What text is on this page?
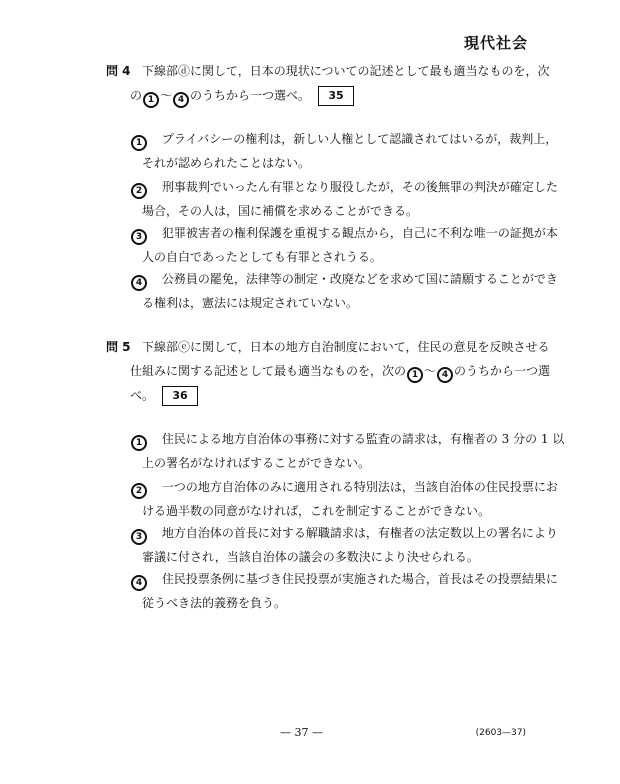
現代社会
問 4 下線部ⓓに関して，日本の現状についての記述として最も適当なものを，次
の 1 ～ 4 のうちから一つ選べ。 35
1 プライバシーの権利は，新しい人権として認識されてはいるが，裁判上，
それが認められたことはない。
2 刑事裁判でいったん有罪となり服役したが，その後無罪の判決が確定した
場合，その人は，国に補償を求めることができる。
3 犯罪被害者の権利保護を重視する観点から，自己に不利な唯一の証拠が本
人の自白であったとしても有罪とされうる。
4 公務員の罷免，法律等の制定・改廃などを求めて国に請願することができ
る権利は，憲法には規定されていない。
問 5 下線部ⓔに関して，日本の地方自治制度において，住民の意見を反映させる
仕組みに関する記述として最も適当なものを，次の 1 ～ 4 のうちから一つ選
べ。 36
1 住民による地方自治体の事務に対する監査の請求は，有権者の 3 分の 1 以
上の署名がなければすることができない。
2 一つの地方自治体のみに適用される特別法は，当該自治体の住民投票にお
ける過半数の同意がなければ，これを制定することができない。
3 地方自治体の首長に対する解職請求は，有権者の法定数以上の署名により
審議に付され，当該自治体の議会の多数決により決せられる。
4 住民投票条例に基づき住民投票が実施された場合，首長はその投票結果に
従うべき法的義務を負う。
— 37 —	(2603—37)
